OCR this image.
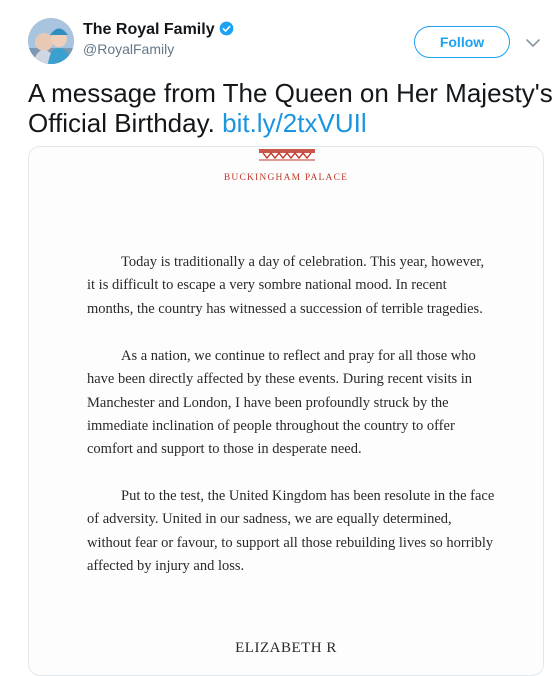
The Royal Family
@RoyalFamily	Follow
A message from The Queen on Her Majesty's Official Birthday. bit.ly/2txVUIl
BUCKINGHAM PALACE
Today is traditionally a day of celebration. This year, however,
it is difficult to escape a very sombre national mood. In recent
months, the country has witnessed a succession of terrible tragedies.
As a nation, we continue to reflect and pray for all those who
have been directly affected by these events. During recent visits in
Manchester and London, I have been profoundly struck by the
immediate inclination of people throughout the country to offer
comfort and support to those in desperate need.
Put to the test, the United Kingdom has been resolute in the face
of adversity. United in our sadness, we are equally determined,
without fear or favour, to support all those rebuilding lives so horribly
affected by injury and loss.
ELIZABETH R
